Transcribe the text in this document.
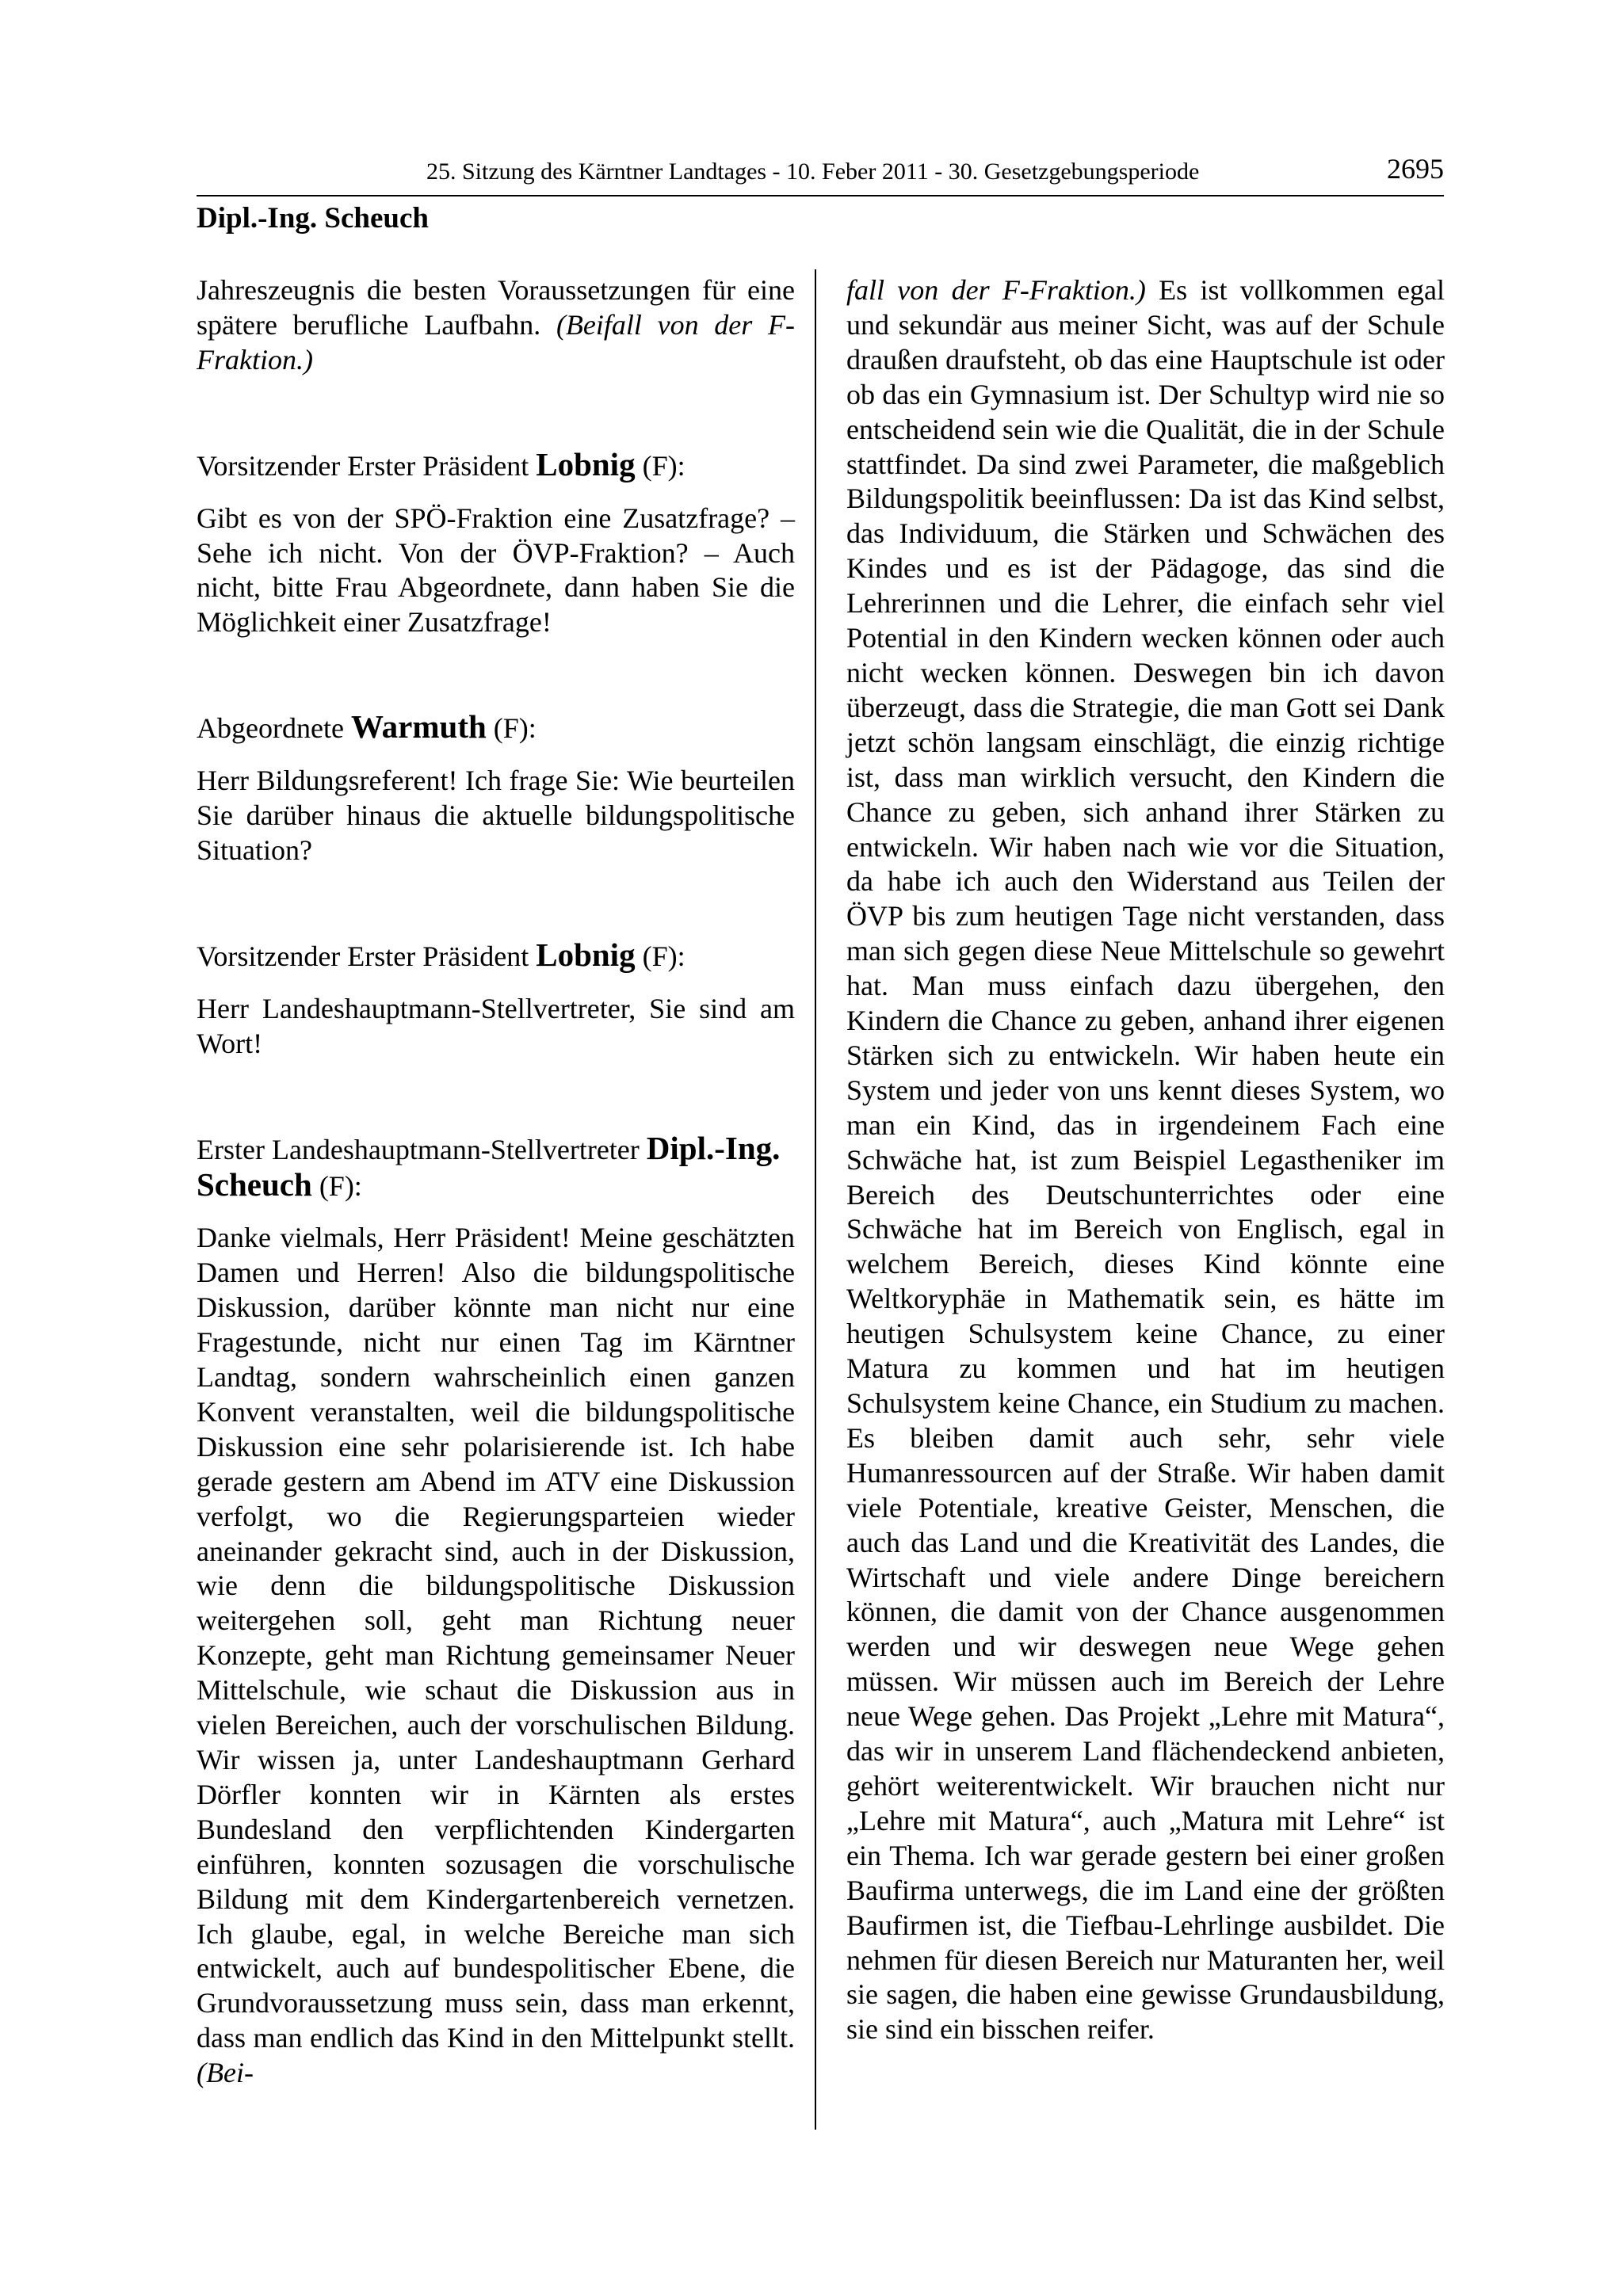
25. Sitzung des Kärntner Landtages - 10. Feber 2011 - 30. Gesetzgebungsperiode	2695
Dipl.-Ing. Scheuch

Jahreszeugnis die besten Voraussetzungen für eine spätere berufliche Laufbahn. (Beifall von der F-Fraktion.)

Vorsitzender Erster Präsident Lobnig (F):

Gibt es von der SPÖ-Fraktion eine Zusatzfrage? – Sehe ich nicht. Von der ÖVP-Fraktion? – Auch nicht, bitte Frau Abgeordnete, dann haben Sie die Möglichkeit einer Zusatzfrage!

Abgeordnete Warmuth (F):

Herr Bildungsreferent! Ich frage Sie: Wie beurteilen Sie darüber hinaus die aktuelle bildungspolitische Situation?

Vorsitzender Erster Präsident Lobnig (F):

Herr Landeshauptmann-Stellvertreter, Sie sind am Wort!

Erster Landeshauptmann-Stellvertreter Dipl.-Ing. Scheuch (F):

Danke vielmals, Herr Präsident! Meine geschätzten Damen und Herren! Also die bildungspolitische Diskussion, darüber könnte man nicht nur eine Fragestunde, nicht nur einen Tag im Kärntner Landtag, sondern wahrscheinlich einen ganzen Konvent veranstalten, weil die bildungspolitische Diskussion eine sehr polarisierende ist. Ich habe gerade gestern am Abend im ATV eine Diskussion verfolgt, wo die Regierungsparteien wieder aneinander gekracht sind, auch in der Diskussion, wie denn die bildungspolitische Diskussion weitergehen soll, geht man Richtung neuer Konzepte, geht man Richtung gemeinsamer Neuer Mittelschule, wie schaut die Diskussion aus in vielen Bereichen, auch der vorschulischen Bildung. Wir wissen ja, unter Landeshauptmann Gerhard Dörfler konnten wir in Kärnten als erstes Bundesland den verpflichtenden Kindergarten einführen, konnten sozusagen die vorschulische Bildung mit dem Kindergartenbereich vernetzen. Ich glaube, egal, in welche Bereiche man sich entwickelt, auch auf bundespolitischer Ebene, die Grundvoraussetzung muss sein, dass man erkennt, dass man endlich das Kind in den Mittelpunkt stellt. (Bei-

fall von der F-Fraktion.) Es ist vollkommen egal und sekundär aus meiner Sicht, was auf der Schule draußen draufsteht, ob das eine Hauptschule ist oder ob das ein Gymnasium ist. Der Schultyp wird nie so entscheidend sein wie die Qualität, die in der Schule stattfindet. Da sind zwei Parameter, die maßgeblich Bildungspolitik beeinflussen: Da ist das Kind selbst, das Individuum, die Stärken und Schwächen des Kindes und es ist der Pädagoge, das sind die Lehrerinnen und die Lehrer, die einfach sehr viel Potential in den Kindern wecken können oder auch nicht wecken können. Deswegen bin ich davon überzeugt, dass die Strategie, die man Gott sei Dank jetzt schön langsam einschlägt, die einzig richtige ist, dass man wirklich versucht, den Kindern die Chance zu geben, sich anhand ihrer Stärken zu entwickeln. Wir haben nach wie vor die Situation, da habe ich auch den Widerstand aus Teilen der ÖVP bis zum heutigen Tage nicht verstanden, dass man sich gegen diese Neue Mittelschule so gewehrt hat. Man muss einfach dazu übergehen, den Kindern die Chance zu geben, anhand ihrer eigenen Stärken sich zu entwickeln. Wir haben heute ein System und jeder von uns kennt dieses System, wo man ein Kind, das in irgendeinem Fach eine Schwäche hat, ist zum Beispiel Legastheniker im Bereich des Deutschunterrichtes oder eine Schwäche hat im Bereich von Englisch, egal in welchem Bereich, dieses Kind könnte eine Weltkoryphäe in Mathematik sein, es hätte im heutigen Schulsystem keine Chance, zu einer Matura zu kommen und hat im heutigen Schulsystem keine Chance, ein Studium zu machen. Es bleiben damit auch sehr, sehr viele Humanressourcen auf der Straße. Wir haben damit viele Potentiale, kreative Geister, Menschen, die auch das Land und die Kreativität des Landes, die Wirtschaft und viele andere Dinge bereichern können, die damit von der Chance ausgenommen werden und wir deswegen neue Wege gehen müssen. Wir müssen auch im Bereich der Lehre neue Wege gehen. Das Projekt „Lehre mit Matura“, das wir in unserem Land flächendeckend anbieten, gehört weiterentwickelt. Wir brauchen nicht nur „Lehre mit Matura“, auch „Matura mit Lehre“ ist ein Thema. Ich war gerade gestern bei einer großen Baufirma unterwegs, die im Land eine der größten Baufirmen ist, die Tiefbau-Lehrlinge ausbildet. Die nehmen für diesen Bereich nur Maturanten her, weil sie sagen, die haben eine gewisse Grundausbildung, sie sind ein bisschen reifer.
